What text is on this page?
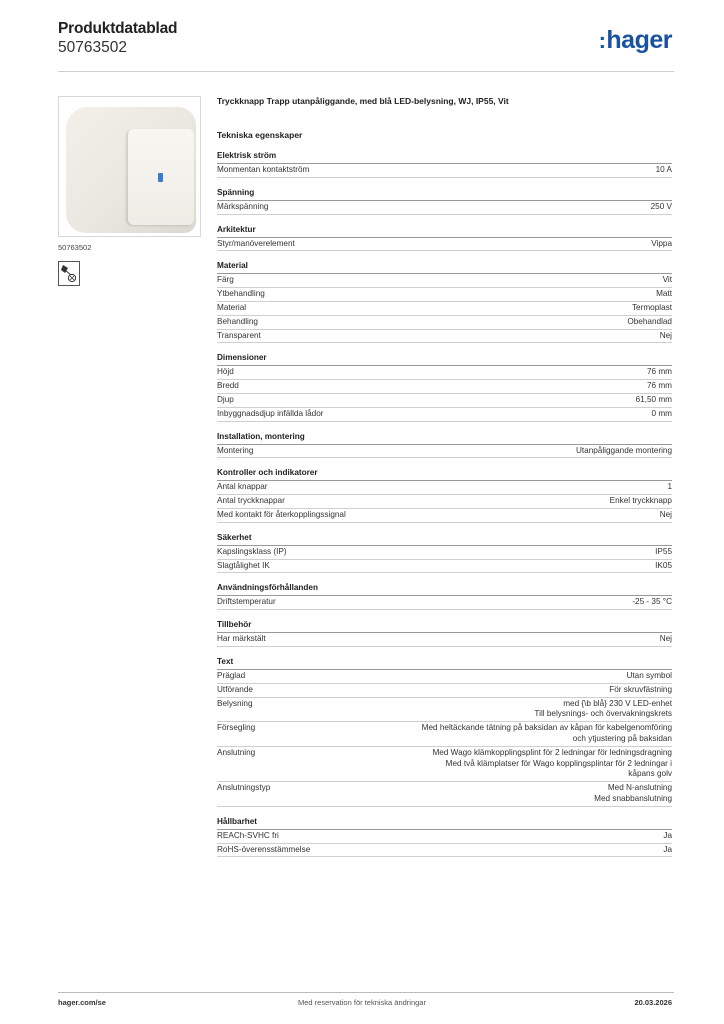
Produktdatablad
50763502	:hager
50763502
Tryckknapp Trapp utanpåliggande, med blå LED-belysning, WJ, IP55, Vit
Tekniska egenskaper
Elektrisk ström
Monmentan kontaktström	10 A
Spänning
Märkspänning	250 V
Arkitektur
Styr/manöverelement	Vippa
Material
Färg	Vit
Ytbehandling	Matt
Material	Termoplast
Behandling	Obehandlad
Transparent	Nej
Dimensioner
Höjd	76 mm
Bredd	76 mm
Djup	61,50 mm
Inbyggnadsdjup infällda lådor	0 mm
Installation, montering
Montering	Utanpåliggande montering
Kontroller och indikatorer
Antal knappar	1
Antal tryckknappar	Enkel tryckknapp
Med kontakt för återkopplingssignal	Nej
Säkerhet
Kapslingsklass (IP)	IP55
Slagtålighet IK	IK05
Användningsförhållanden
Driftstemperatur	-25 - 35 °C
Tillbehör
Har märkstält	Nej
Text
Präglad	Utan symbol
Utförande	För skruvfästning
Belysning	med {\b blå} 230 V LED-enhet
Till belysnings- och övervakningskrets
Försegling	Med heltäckande tätning på baksidan av kåpan för kabelgenomföring
och ytjustering på baksidan
Anslutning	Med Wago klämkopplingsplint för 2 ledningar för ledningsdragning
Med två klämplatser för Wago kopplingsplintar för 2 ledningar i
kåpans golv
Anslutningstyp	Med N-anslutning
Med snabbanslutning
Hållbarhet
REACh-SVHC fri	Ja
RoHS-överensstämmelse	Ja
hager.com/se	Med reservation för tekniska ändringar	20.03.2026
